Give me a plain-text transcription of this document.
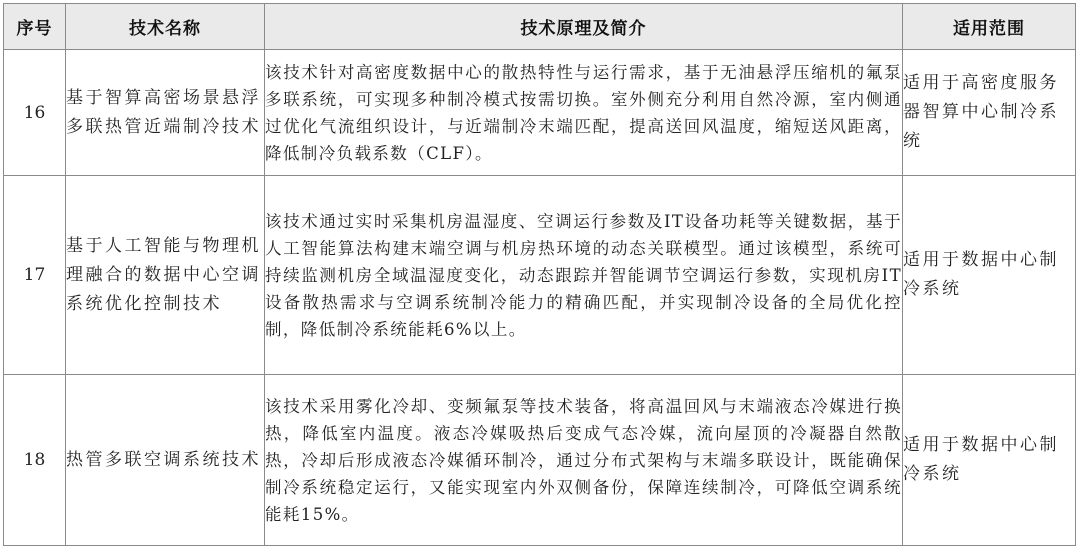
序号	技术名称	技术原理及简介	适用范围
16	基于智算高密场景悬浮多联热管近端制冷技术	该技术针对高密度数据中心的散热特性与运行需求，基于无油悬浮压缩机的氟泵多联系统，可实现多种制冷模式按需切换。室外侧充分利用自然冷源，室内侧通过优化气流组织设计，与近端制冷末端匹配，提高送回风温度，缩短送风距离，降低制冷负载系数（CLF）。	适用于高密度服务器智算中心制冷系统
17	基于人工智能与物理机理融合的数据中心空调系统优化控制技术	该技术通过实时采集机房温湿度、空调运行参数及IT设备功耗等关键数据，基于人工智能算法构建末端空调与机房热环境的动态关联模型。通过该模型，系统可持续监测机房全域温湿度变化，动态跟踪并智能调节空调运行参数，实现机房IT设备散热需求与空调系统制冷能力的精确匹配，并实现制冷设备的全局优化控制，降低制冷系统能耗6%以上。	适用于数据中心制冷系统
18	热管多联空调系统技术	该技术采用雾化冷却、变频氟泵等技术装备，将高温回风与末端液态冷媒进行换热，降低室内温度。液态冷媒吸热后变成气态冷媒，流向屋顶的冷凝器自然散热，冷却后形成液态冷媒循环制冷，通过分布式架构与末端多联设计，既能确保制冷系统稳定运行，又能实现室内外双侧备份，保障连续制冷，可降低空调系统能耗15%。	适用于数据中心制冷系统
